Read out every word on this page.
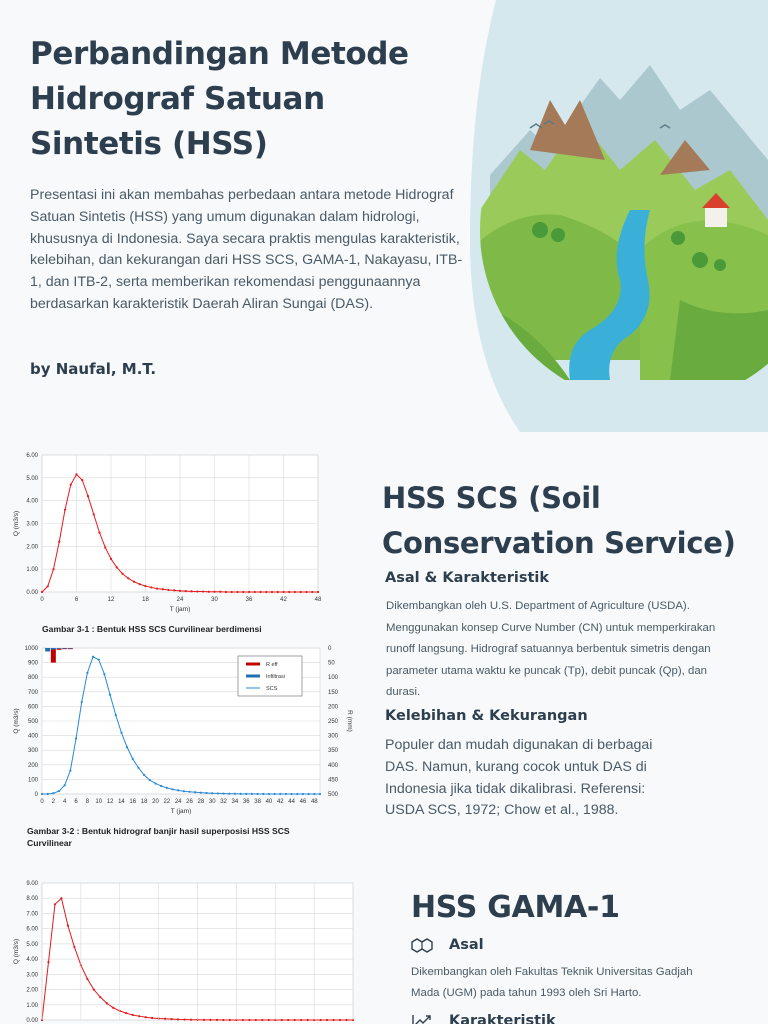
Perbandingan Metode Hidrograf Satuan Sintetis (HSS)
Presentasi ini akan membahas perbedaan antara metode Hidrograf Satuan Sintetis (HSS) yang umum digunakan dalam hidrologi, khususnya di Indonesia. Saya secara praktis mengulas karakteristik, kelebihan, dan kekurangan dari HSS SCS, GAMA-1, Nakayasu, ITB-1, dan ITB-2, serta memberikan rekomendasi penggunaannya berdasarkan karakteristik Daerah Aliran Sungai (DAS).
by Naufal, M.T.
0.00
1.00
2.00
3.00
4.00
5.00
6.00
0	6	12	18	24	30	36	42	48
T (jam)
Q (m3/s)
Gambar 3-1 : Bentuk HSS SCS Curvilinear berdimensi
0
100
200
300
400
500
600
700
800
900
1000
0 2 4 6 8 10 12 14 16 18 20 22 24 26 28 30 32 34 36 38 40 42 44 46 48
T (jam)
Q (m3/s)
0
50
100
150
200
250
300
350
400
450
500
R (mm)
R eff
Infiltrasi
SCS
Gambar 3-2 : Bentuk hidrograf banjir hasil superposisi HSS SCS Curvilinear
0.00
1.00
2.00
3.00
4.00
5.00
6.00
7.00
8.00
9.00
Q (m3/s)
HSS SCS (Soil Conservation Service)
Asal & Karakteristik
Dikembangkan oleh U.S. Department of Agriculture (USDA). Menggunakan konsep Curve Number (CN) untuk memperkirakan runoff langsung. Hidrograf satuannya berbentuk simetris dengan parameter utama waktu ke puncak (Tp), debit puncak (Qp), dan durasi.
Kelebihan & Kekurangan
Populer dan mudah digunakan di berbagai DAS. Namun, kurang cocok untuk DAS di Indonesia jika tidak dikalibrasi. Referensi: USDA SCS, 1972; Chow et al., 1988.
HSS GAMA-1
Asal
Dikembangkan oleh Fakultas Teknik Universitas Gadjah Mada (UGM) pada tahun 1993 oleh Sri Harto.
Karakteristik
